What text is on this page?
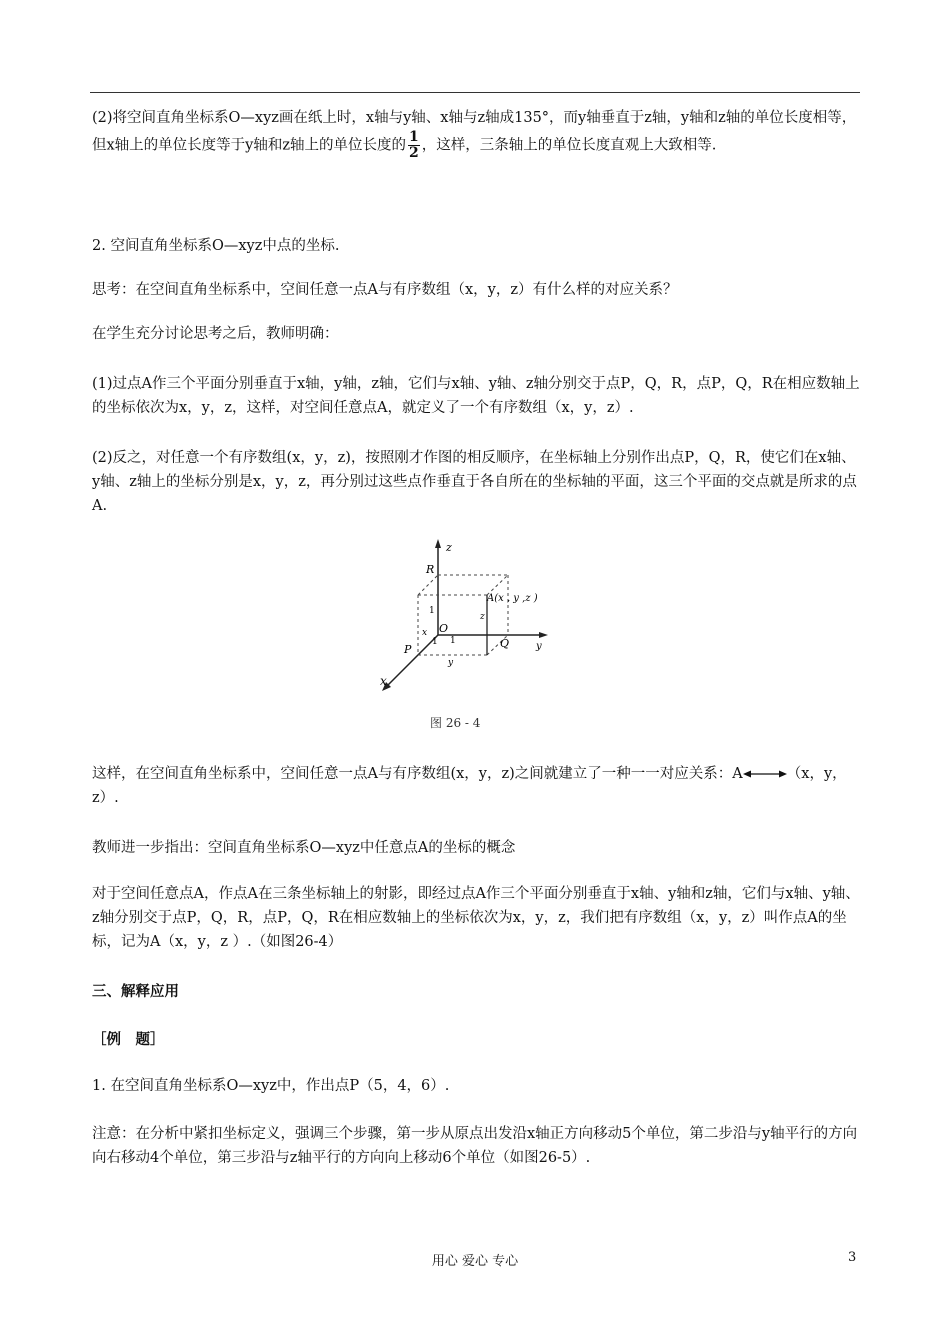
(2)将空间直角坐标系O—xyz画在纸上时，x轴与y轴、x轴与z轴成135°，而y轴垂直于z轴，y轴和z轴的单位长度相等，但x轴上的单位长度等于y轴和z轴上的单位长度的 $\frac{1}{2}$ ，这样，三条轴上的单位长度直观上大致相等.

2. 空间直角坐标系O—xyz中点的坐标.

思考：在空间直角坐标系中，空间任意一点A与有序数组（x，y，z）有什么样的对应关系？

在学生充分讨论思考之后，教师明确：

(1)过点A作三个平面分别垂直于x轴，y轴，z轴，它们与x轴、y轴、z轴分别交于点P，Q，R，点P，Q，R在相应数轴上的坐标依次为x，y，z，这样，对空间任意点A，就定义了一个有序数组（x，y，z）.

(2)反之，对任意一个有序数组(x，y，z)，按照刚才作图的相反顺序，在坐标轴上分别作出点P，Q，R，使它们在x轴、y轴、z轴上的坐标分别是x，y，z，再分别过这些点作垂直于各自所在的坐标轴的平面，这三个平面的交点就是所求的点A.

z
y
x
R
O
P	Q
A(x , y ,z )
z
x
y
1 1
1
图 26 - 4

这样，在空间直角坐标系中，空间任意一点A与有序数组(x，y，z)之间就建立了一种一一对应关系：A	（x，y，z）.

教师进一步指出：空间直角坐标系O—xyz中任意点A的坐标的概念

对于空间任意点A，作点A在三条坐标轴上的射影，即经过点A作三个平面分别垂直于x轴、y轴和z轴，它们与x轴、y轴、z轴分别交于点P，Q，R，点P，Q，R在相应数轴上的坐标依次为x，y，z，我们把有序数组（x，y，z）叫作点A的坐标，记为A（x，y，z ）.（如图26-4）

三、解释应用

［例　题］

1. 在空间直角坐标系O—xyz中，作出点P（5，4，6）.

注意：在分析中紧扣坐标定义，强调三个步骤，第一步从原点出发沿x轴正方向移动5个单位，第二步沿与y轴平行的方向向右移动4个单位，第三步沿与z轴平行的方向向上移动6个单位（如图26-5）.

用心 爱心 专心	3
